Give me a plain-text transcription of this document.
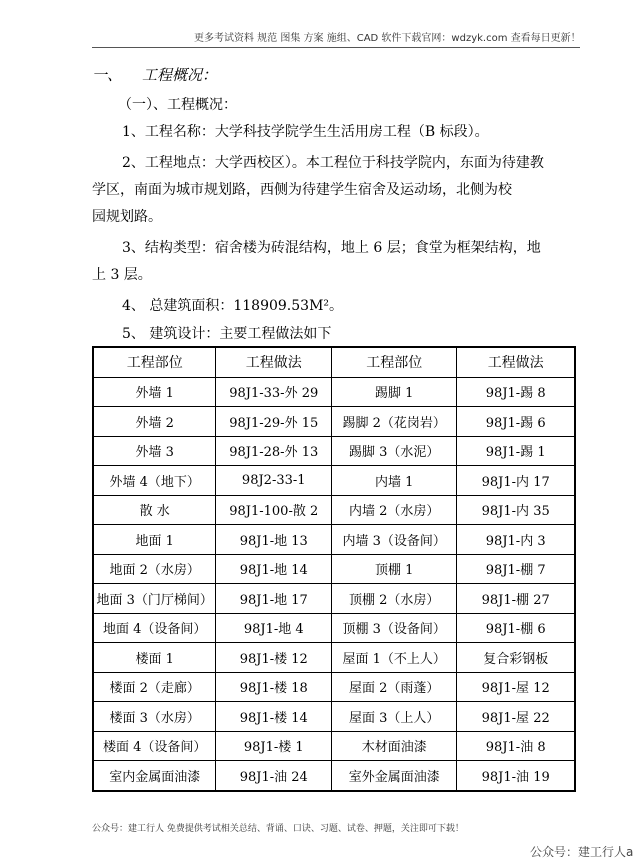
更多考试资料 规范 图集 方案 施组、CAD 软件下载官网：wdzyk.com 查看每日更新！
一、 工程概况：
（一）、工程概况：
1、工程名称：大学科技学院学生生活用房工程（B 标段）。
2、工程地点：大学西校区）。本工程位于科技学院内，东面为待建教
学区，南面为城市规划路，西侧为待建学生宿舍及运动场，北侧为校
园规划路。
3、结构类型：宿舍楼为砖混结构，地上 6 层；食堂为框架结构，地
上 3 层。
4、 总建筑面积：118909.53M²。
5、 建筑设计：主要工程做法如下
工程部位	工程做法	工程部位	工程做法
外墙 1	98J1-33-外 29	踢脚 1	98J1-踢 8
外墙 2	98J1-29-外 15	踢脚 2（花岗岩）	98J1-踢 6
外墙 3	98J1-28-外 13	踢脚 3（水泥）	98J1-踢 1
外墙 4（地下）	98J2-33-1	内墙 1	98J1-内 17
散 水	98J1-100-散 2	内墙 2（水房）	98J1-内 35
地面 1	98J1-地 13	内墙 3（设备间）	98J1-内 3
地面 2（水房）	98J1-地 14	顶棚 1	98J1-棚 7
地面 3（门厅梯间）	98J1-地 17	顶棚 2（水房）	98J1-棚 27
地面 4（设备间）	98J1-地 4	顶棚 3（设备间）	98J1-棚 6
楼面 1	98J1-楼 12	屋面 1（不上人）	复合彩钢板
楼面 2（走廊）	98J1-楼 18	屋面 2（雨蓬）	98J1-屋 12
楼面 3（水房）	98J1-楼 14	屋面 3（上人）	98J1-屋 22
楼面 4（设备间）	98J1-楼 1	木材面油漆	98J1-油 8
室内金属面油漆	98J1-油 24	室外金属面油漆	98J1-油 19
公众号：建工行人 免费提供考试相关总结、背诵、口诀、习题、试卷、押题，关注即可下载！
公众号：建工行人a
